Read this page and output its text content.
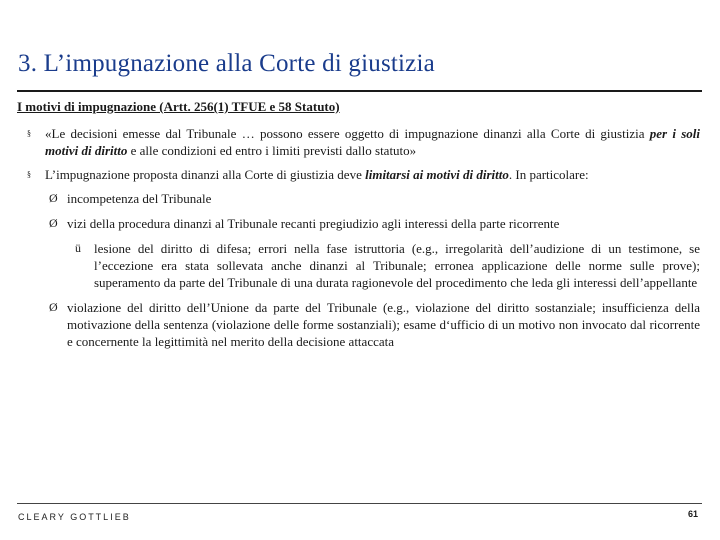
3. L’impugnazione alla Corte di giustizia
I motivi di impugnazione (Artt. 256(1) TFUE e 58 Statuto)
§ «Le decisioni emesse dal Tribunale … possono essere oggetto di impugnazione dinanzi alla Corte di giustizia per i soli motivi di diritto e alle condizioni ed entro i limiti previsti dallo statuto»
§ L’impugnazione proposta dinanzi alla Corte di giustizia deve limitarsi ai motivi di diritto. In particolare:
Ø incompetenza del Tribunale
Ø vizi della procedura dinanzi al Tribunale recanti pregiudizio agli interessi della parte ricorrente
ü lesione del diritto di difesa; errori nella fase istruttoria (e.g., irregolarità dell’audizione di un testimone, se l’eccezione era stata sollevata anche dinanzi al Tribunale; erronea applicazione delle norme sulle prove); superamento da parte del Tribunale di una durata ragionevole del procedimento che leda gli interessi dell’appellante
Ø violazione del diritto dell’Unione da parte del Tribunale (e.g., violazione del diritto sostanziale; insufficienza della motivazione della sentenza (violazione delle forme sostanziali); esame d‘ufficio di un motivo non invocato dal ricorrente e concernente la legittimità nel merito della decisione attaccata
CLEARY GOTTLIEB	61
